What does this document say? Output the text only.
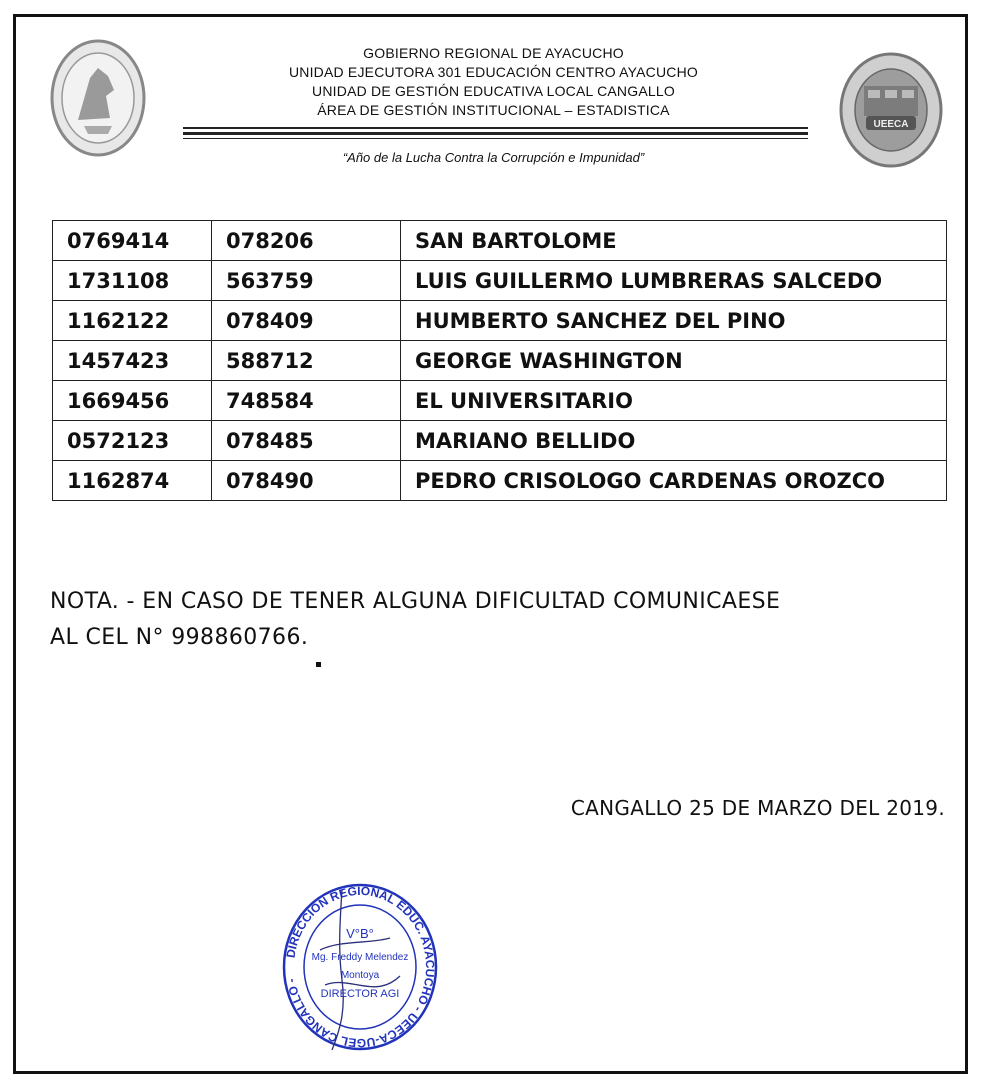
UEECA
GOBIERNO REGIONAL DE AYACUCHO
UNIDAD EJECUTORA 301 EDUCACIÓN CENTRO AYACUCHO
UNIDAD DE GESTIÓN EDUCATIVA LOCAL CANGALLO
ÁREA DE GESTIÓN INSTITUCIONAL – ESTADISTICA
“Año de la Lucha Contra la Corrupción e Impunidad”
0769414	078206	SAN BARTOLOME
1731108	563759	LUIS GUILLERMO LUMBRERAS SALCEDO
1162122	078409	HUMBERTO SANCHEZ DEL PINO
1457423	588712	GEORGE WASHINGTON
1669456	748584	EL UNIVERSITARIO
0572123	078485	MARIANO BELLIDO
1162874	078490	PEDRO CRISOLOGO CARDENAS OROZCO
NOTA. - EN CASO DE TENER ALGUNA DIFICULTAD COMUNICAESE
AL CEL N° 998860766.
CANGALLO 25 DE MARZO DEL 2019.
DIRECCIÓN REGIONAL EDUC. AYACUCHO - UEECA-UGEL CANGALLO -
V°B°
Mg. Freddy Melendez
Montoya
DIRECTOR AGI
